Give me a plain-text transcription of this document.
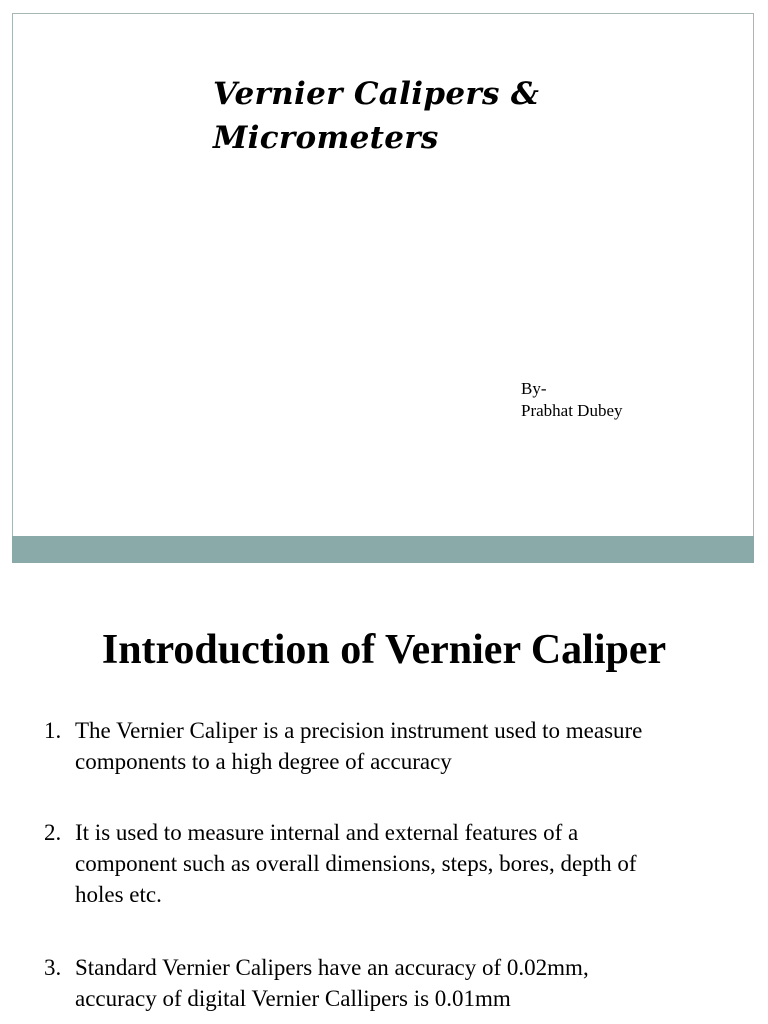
Vernier Calipers &
Micrometers
By-
Prabhat Dubey
Introduction of Vernier Caliper
1. The Vernier Caliper is a precision instrument used to measure
components to a high degree of accuracy
2. It is used to measure internal and external features of a
component such as overall dimensions, steps, bores, depth of
holes etc.
3. Standard Vernier Calipers have an accuracy of 0.02mm,
accuracy of digital Vernier Callipers is 0.01mm
